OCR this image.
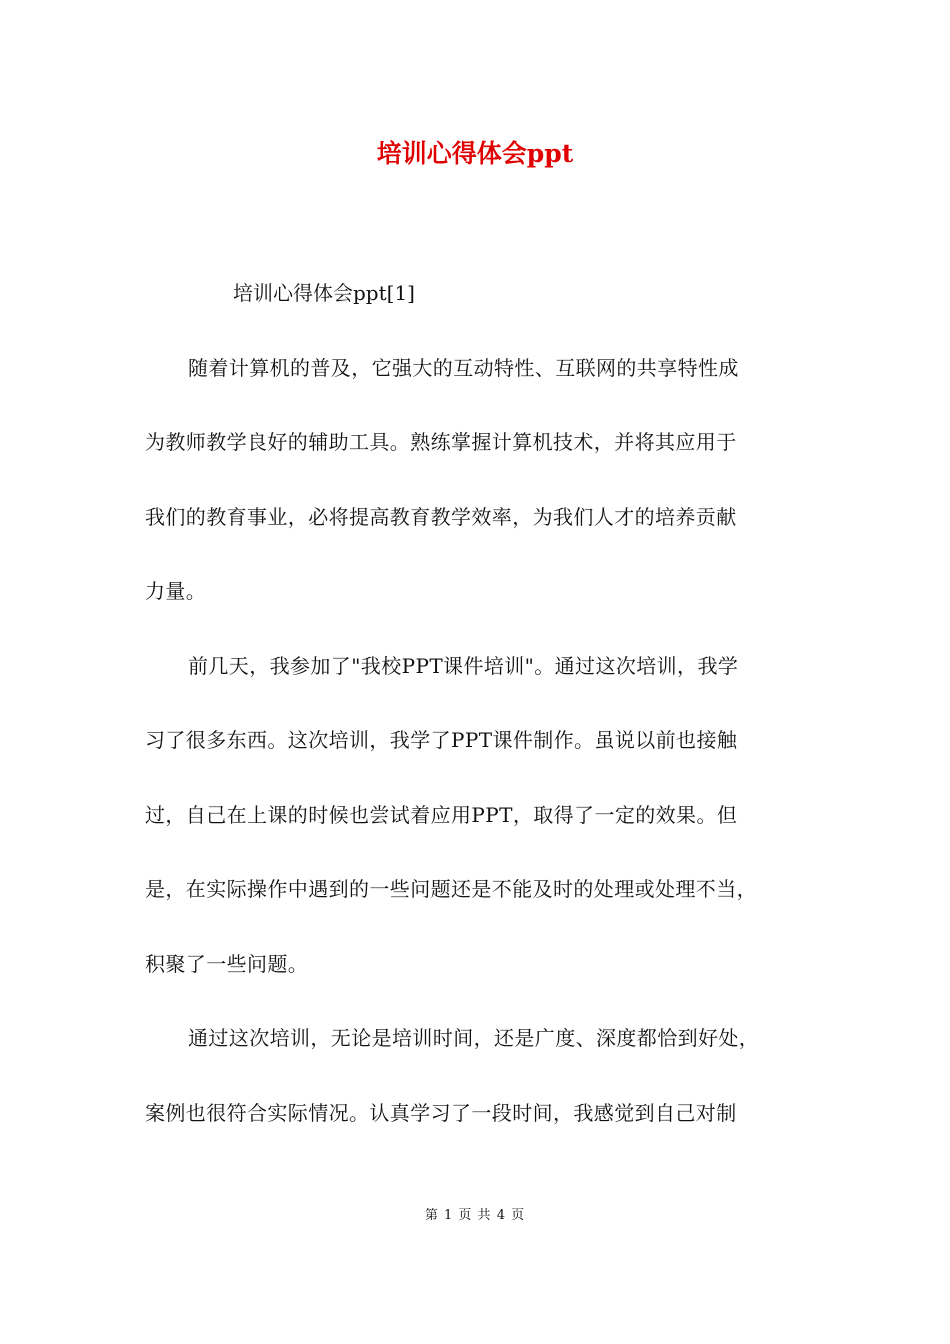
培训心得体会ppt
培训心得体会ppt[1]
随着计算机的普及，它强大的互动特性、互联网的共享特性成
为教师教学良好的辅助工具。熟练掌握计算机技术，并将其应用于
我们的教育事业，必将提高教育教学效率，为我们人才的培养贡献
力量。
前几天，我参加了"我校PPT课件培训"。通过这次培训，我学
习了很多东西。这次培训，我学了PPT课件制作。虽说以前也接触
过，自己在上课的时候也尝试着应用PPT，取得了一定的效果。但
是，在实际操作中遇到的一些问题还是不能及时的处理或处理不当，
积聚了一些问题。
通过这次培训，无论是培训时间，还是广度、深度都恰到好处，
案例也很符合实际情况。认真学习了一段时间，我感觉到自己对制
第 1 页 共 4 页
